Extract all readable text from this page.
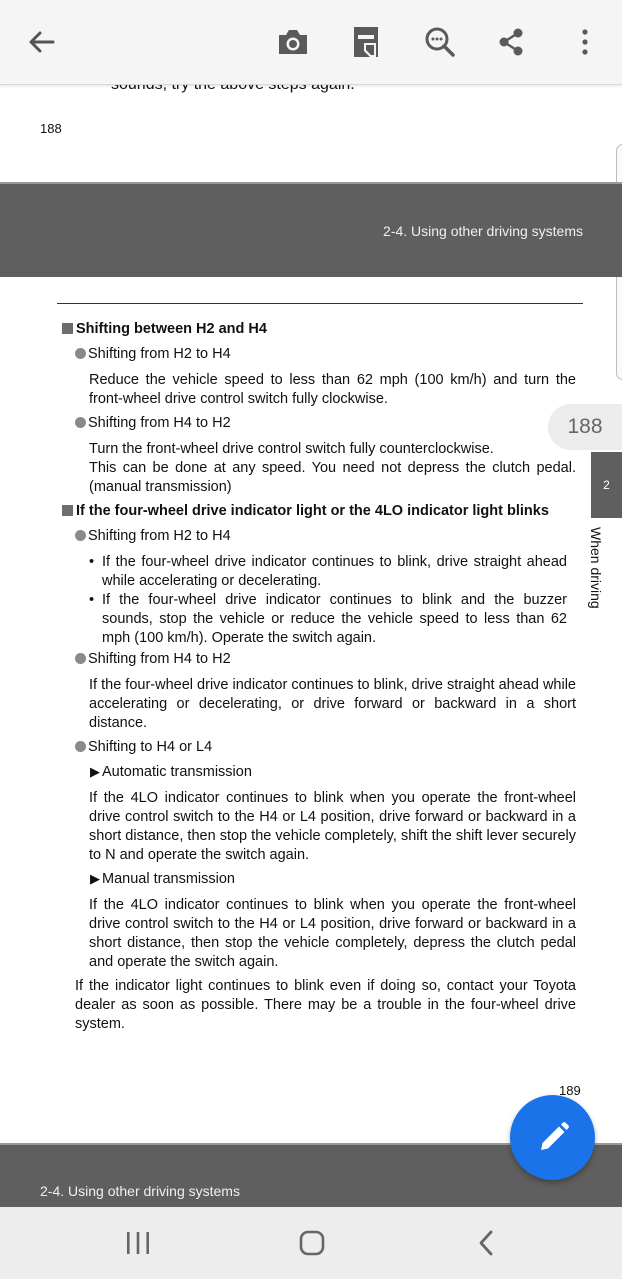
188
2-4. Using other driving systems
Shifting between H2 and H4
Shifting from H2 to H4
Reduce the vehicle speed to less than 62 mph (100 km/h) and turn the front-wheel drive control switch fully clockwise.
Shifting from H4 to H2
Turn the front-wheel drive control switch fully counterclockwise.
This can be done at any speed. You need not depress the clutch pedal. (manual transmission)
If the four-wheel drive indicator light or the 4LO indicator light blinks
Shifting from H2 to H4
• If the four-wheel drive indicator continues to blink, drive straight ahead while accelerating or decelerating.
• If the four-wheel drive indicator continues to blink and the buzzer sounds, stop the vehicle or reduce the vehicle speed to less than 62 mph (100 km/h). Operate the switch again.
Shifting from H4 to H2
If the four-wheel drive indicator continues to blink, drive straight ahead while accelerating or decelerating, or drive forward or backward in a short distance.
Shifting to H4 or L4
▶ Automatic transmission
If the 4LO indicator continues to blink when you operate the front-wheel drive control switch to the H4 or L4 position, drive forward or backward in a short distance, then stop the vehicle completely, shift the shift lever securely to N and operate the switch again.
▶ Manual transmission
If the 4LO indicator continues to blink when you operate the front-wheel drive control switch to the H4 or L4 position, drive forward or backward in a short distance, then stop the vehicle completely, depress the clutch pedal and operate the switch again.
If the indicator light continues to blink even if doing so, contact your Toyota dealer as soon as possible. There may be a trouble in the four-wheel drive system.
189
188
2
When driving
2-4. Using other driving systems
